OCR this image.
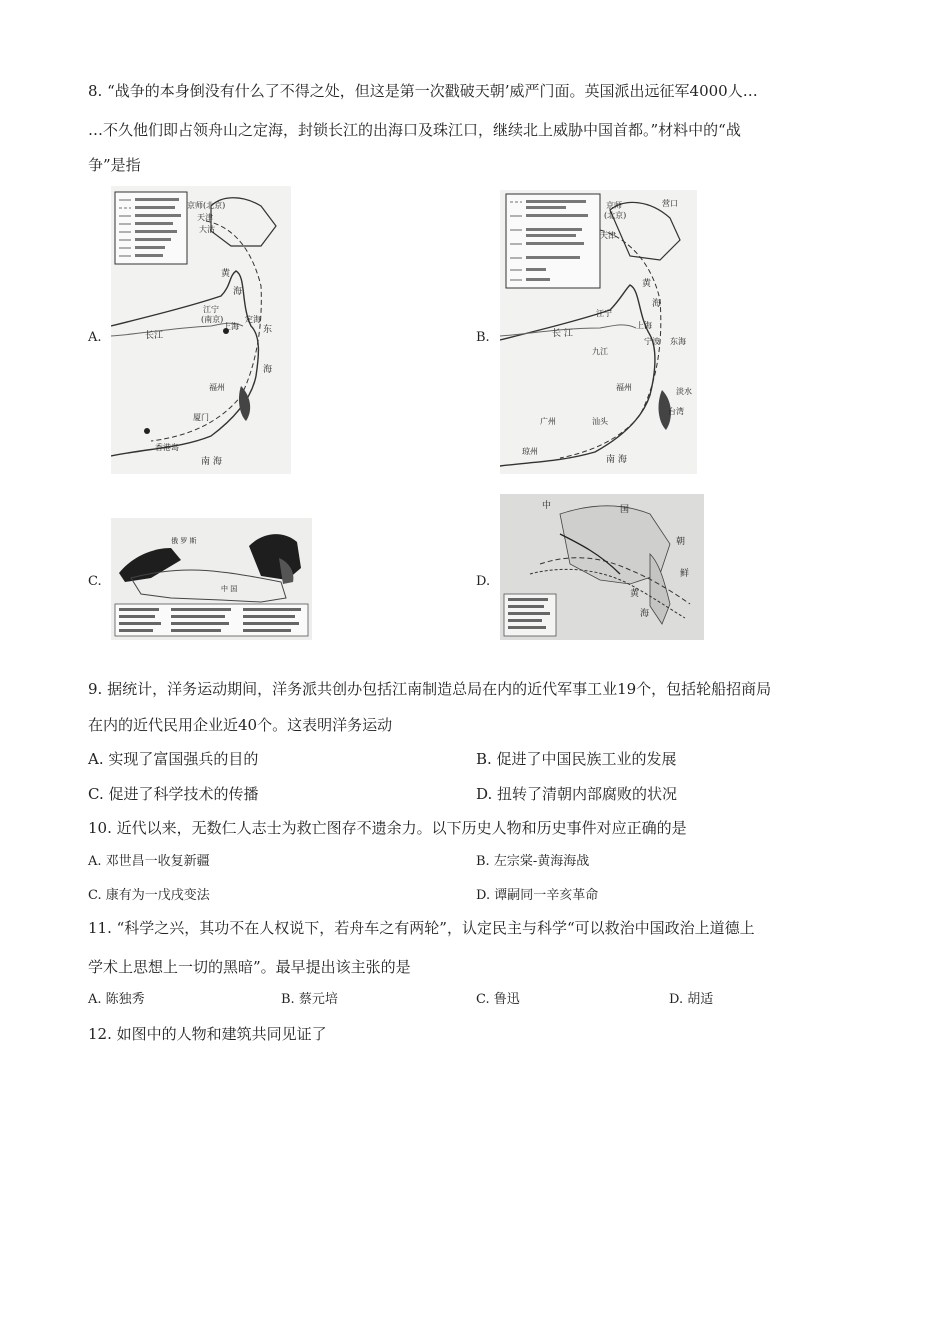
8. “战争的本身倒没有什么了不得之处，但这是第一次戳破天朝’威严门面。英国派出远征军4000人…
…不久他们即占领舟山之定海，封锁长江的出海口及珠江口，继续北上威胁中国首都。”材料中的“战
争”是指
A.	B.
C.	D.
京师(北京)
天津
大沽
黄
海
江宁
(南京)
上海
定海
东
海
长江
福州
厦门
香港岛
南 海
京师
(北京)
营口
天津
黄
海
长 江
江宁
上海
宁波
九江
东海
福州
汕头
淡水
台湾
广州
琼州
南 海
俄 罗 斯
中 国
中	国
朝
鲜
黄
海
9. 据统计，洋务运动期间，洋务派共创办包括江南制造总局在内的近代军事工业19个，包括轮船招商局
在内的近代民用企业近40个。这表明洋务运动
A. 实现了富国强兵的目的	B. 促进了中国民族工业的发展
C. 促进了科学技术的传播	D. 扭转了清朝内部腐败的状况
10. 近代以来，无数仁人志士为救亡图存不遗余力。以下历史人物和历史事件对应正确的是
A. 邓世昌一收复新疆	B. 左宗棠-黄海海战
C. 康有为一戊戌变法	D. 谭嗣同一辛亥革命
11. “科学之兴，其功不在人权说下，若舟车之有两轮”，认定民主与科学“可以救治中国政治上道德上
学术上思想上一切的黑暗”。最早提出该主张的是
A. 陈独秀	B. 蔡元培	C. 鲁迅	D. 胡适
12. 如图中的人物和建筑共同见证了
